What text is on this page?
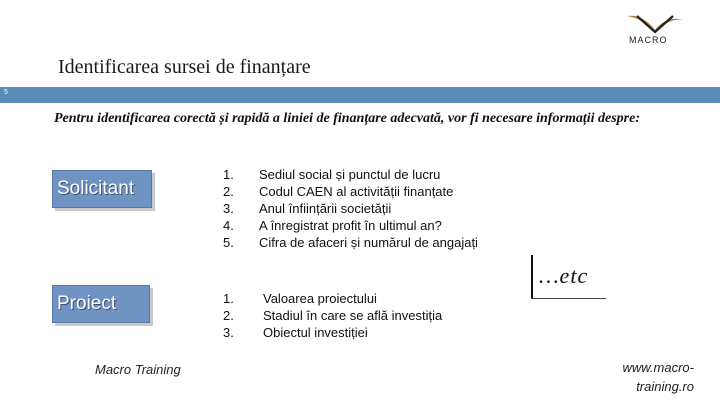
Identificarea sursei de finanțare
MACRO
5
Pentru identificarea corectă și rapidă a liniei de finanțare adecvată, vor fi necesare informații despre:
Solicitant
1. Sediul social și punctul de lucru
2. Codul CAEN al activității finanțate
3. Anul înființării societății
4. A înregistrat profit în ultimul an?
5. Cifra de afaceri și numărul de angajați
Proiect	1. Valoarea proiectului
2. Stadiul în care se află investiția
3. Obiectul investiției
…etc
Macro Training	www.macro-
training.ro
